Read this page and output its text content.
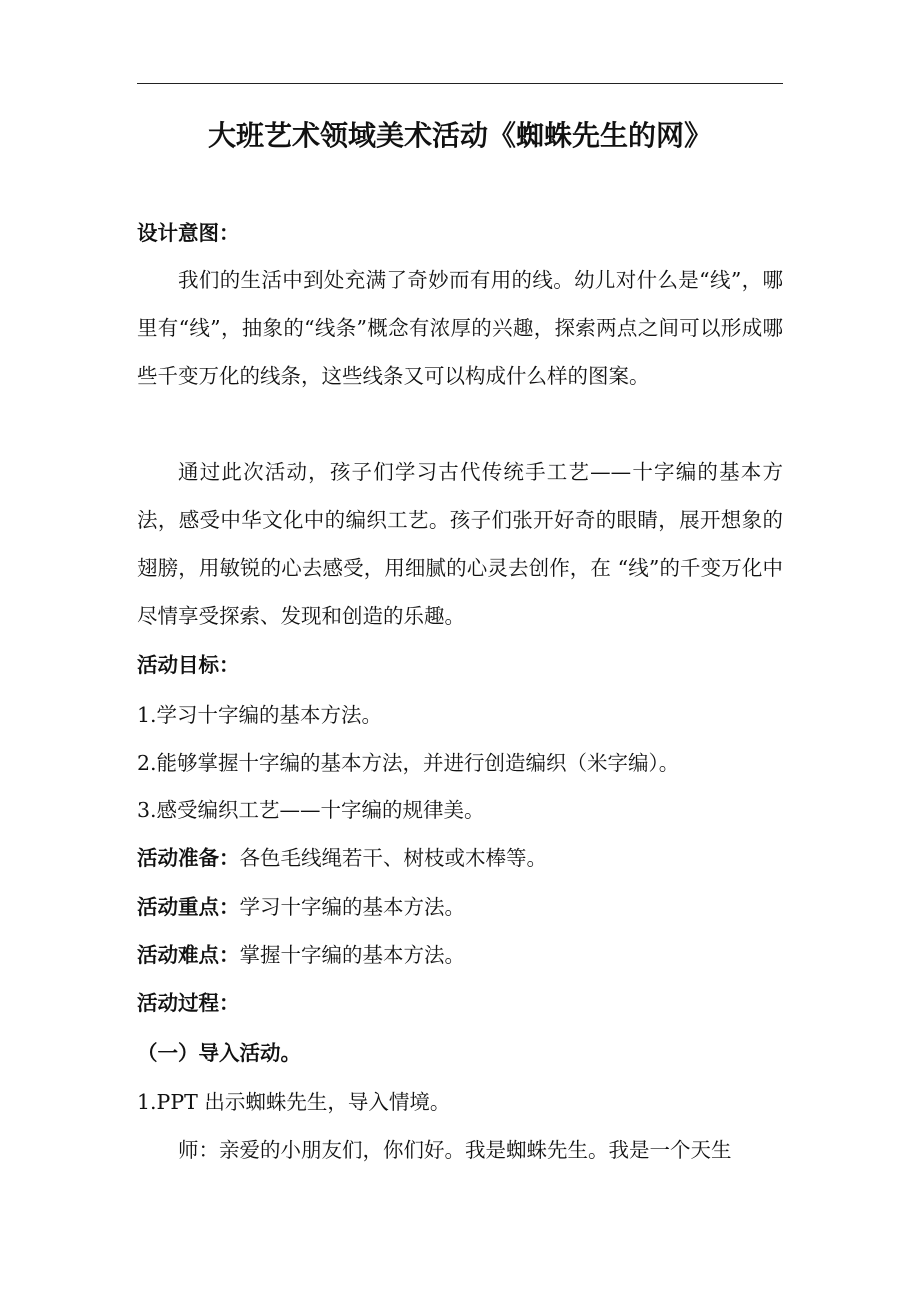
大班艺术领域美术活动《蜘蛛先生的网》
设计意图：

我们的生活中到处充满了奇妙而有用的线。幼儿对什么是“线”，哪里有“线”，抽象的“线条”概念有浓厚的兴趣，探索两点之间可以形成哪些千变万化的线条，这些线条又可以构成什么样的图案。

通过此次活动，孩子们学习古代传统手工艺——十字编的基本方法，感受中华文化中的编织工艺。孩子们张开好奇的眼睛，展开想象的翅膀，用敏锐的心去感受，用细腻的心灵去创作，在 “线”的千变万化中尽情享受探索、发现和创造的乐趣。

活动目标：
1.学习十字编的基本方法。
2.能够掌握十字编的基本方法，并进行创造编织（米字编）。
3.感受编织工艺——十字编的规律美。
活动准备：各色毛线绳若干、树枝或木棒等。
活动重点：学习十字编的基本方法。
活动难点：掌握十字编的基本方法。
活动过程：
（一）导入活动。
1.PPT 出示蜘蛛先生，导入情境。
师：亲爱的小朋友们，你们好。我是蜘蛛先生。我是一个天生
